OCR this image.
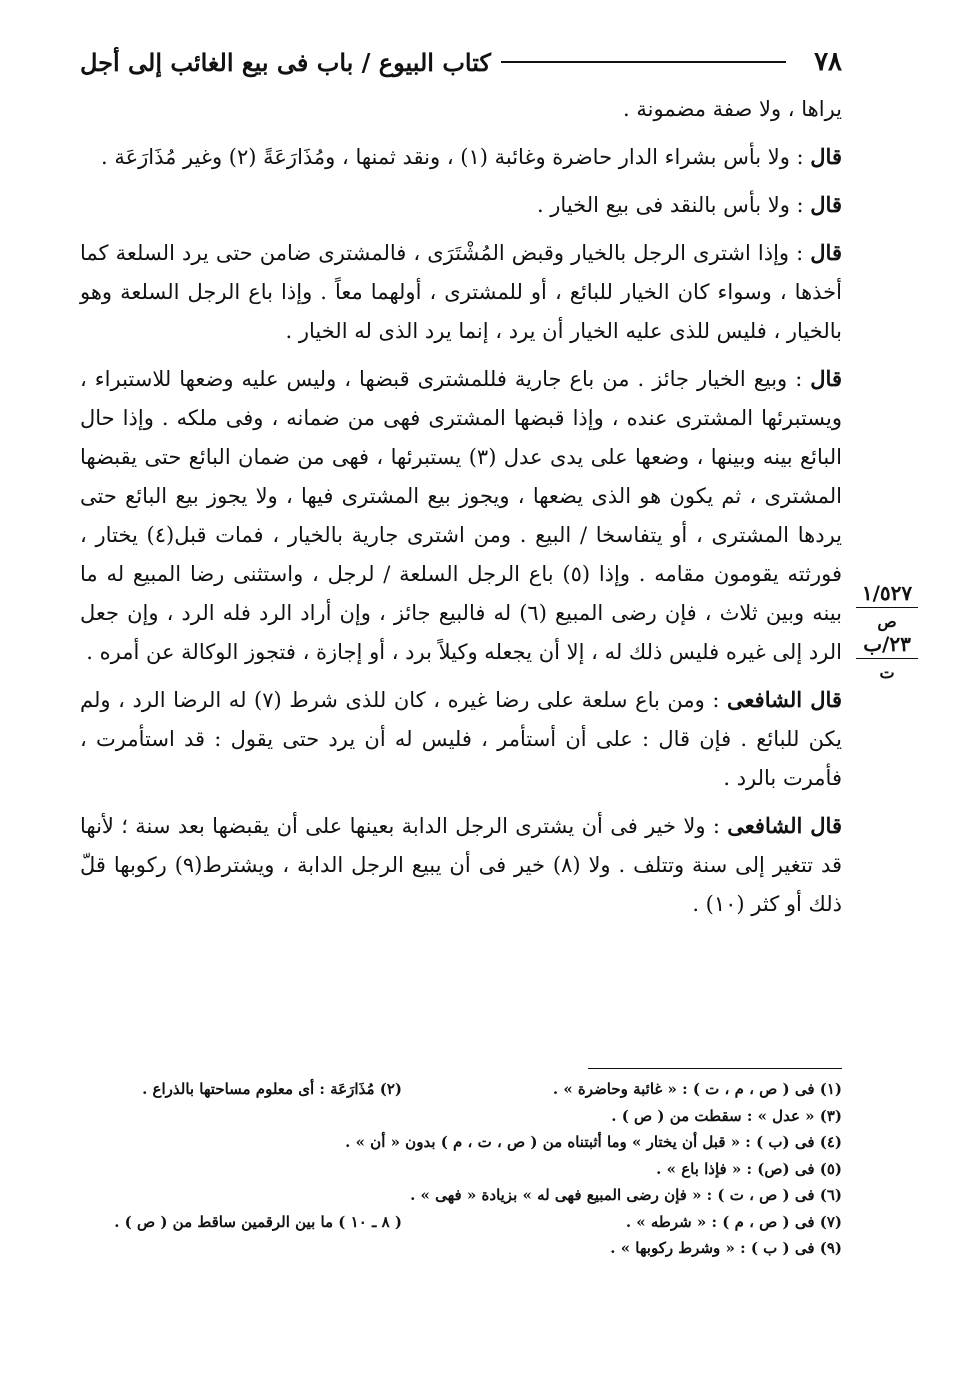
٧٨
كتاب البيوع / باب فى بيع الغائب إلى أجل

يراها ، ولا صفة مضمونة .

قال : ولا بأس بشراء الدار حاضرة وغائبة (١) ، ونقد ثمنها ، ومُذَارَعَةً (٢) وغير مُذَارَعَة .

قال : ولا بأس بالنقد فى بيع الخيار .

قال : وإذا اشترى الرجل بالخيار وقبض المُشْتَرَى ، فالمشترى ضامن حتى يرد السلعة كما أخذها ، وسواء كان الخيار للبائع ، أو للمشترى ، أولهما معاً . وإذا باع الرجل السلعة وهو بالخيار ، فليس للذى عليه الخيار أن يرد ، إنما يرد الذى له الخيار .

قال : وبيع الخيار جائز . من باع جارية فللمشترى قبضها ، وليس عليه وضعها للاستبراء ، ويستبرئها المشترى عنده ، وإذا قبضها المشترى فهى من ضمانه ، وفى ملكه . وإذا حال البائع بينه وبينها ، وضعها على يدى عدل (٣) يستبرئها ، فهى من ضمان البائع حتى يقبضها المشترى ، ثم يكون هو الذى يضعها ، ويجوز بيع المشترى فيها ، ولا يجوز بيع البائع حتى يردها المشترى ، أو يتفاسخا / البيع . ومن اشترى جارية بالخيار ، فمات قبل(٤) يختار ، فورثته يقومون مقامه . وإذا (٥) باع الرجل السلعة / لرجل ، واستثنى رضا المبيع له ما بينه وبين ثلاث ، فإن رضى المبيع (٦) له فالبيع جائز ، وإن أراد الرد فله الرد ، وإن جعل الرد إلى غيره فليس ذلك له ، إلا أن يجعله وكيلاً برد ، أو إجازة ، فتجوز الوكالة عن أمره .

قال الشافعى : ومن باع سلعة على رضا غيره ، كان للذى شرط (٧) له الرضا الرد ، ولم يكن للبائع . فإن قال : على أن أستأمر ، فليس له أن يرد حتى يقول : قد استأمرت ، فأمرت بالرد .

قال الشافعى : ولا خير فى أن يشترى الرجل الدابة بعينها على أن يقبضها بعد سنة ؛ لأنها قد تتغير إلى سنة وتتلف . ولا (٨) خير فى أن يبيع الرجل الدابة ، ويشترط(٩) ركوبها قلّ ذلك أو كثر (١٠) .

١/٥٢٧
ص
٢٣/ب
ت
(١) فى ( ص ، م ، ت ) : « غائبة وحاضرة » .
(٢) مُذَارَعَة : أى معلوم مساحتها بالذراع .
(٣) « عدل » : سقطت من ( ص ) .
(٤) فى (ب ) : « قبل أن يختار » وما أثبتناه من ( ص ، ت ، م ) بدون « أن » .
(٥) فى (ص) : « فإذا باع » .
(٦) فى ( ص ، ت ) : « فإن رضى المبيع فهى له » بزيادة « فهى » .
(٧) فى ( ص ، م ) : « شرطه » .
( ٨ ـ ١٠ ) ما بين الرقمين ساقط من ( ص ) .
(٩) فى ( ب ) : « وشرط ركوبها » .
